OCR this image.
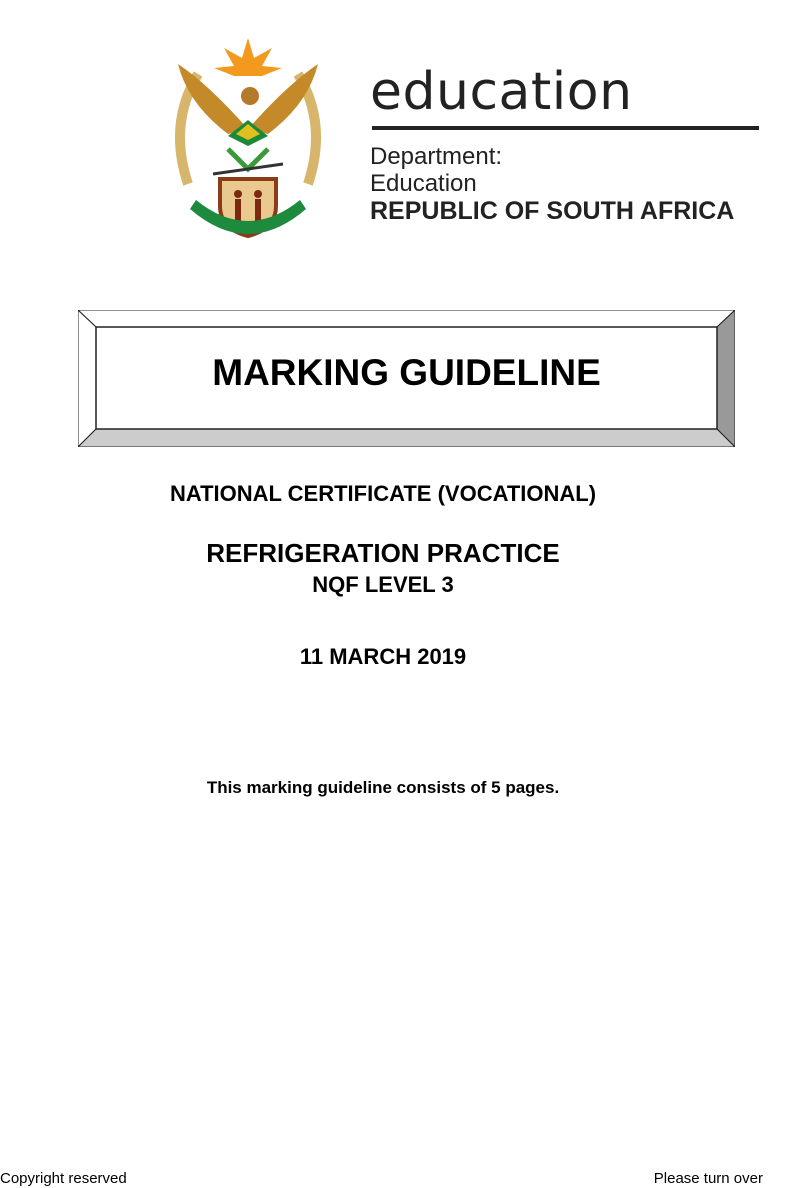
education
Department:
Education
REPUBLIC OF SOUTH AFRICA
MARKING GUIDELINE
NATIONAL CERTIFICATE (VOCATIONAL)
REFRIGERATION PRACTICE
NQF LEVEL 3
11 MARCH 2019
This marking guideline consists of 5 pages.
Copyright reserved	Please turn over
